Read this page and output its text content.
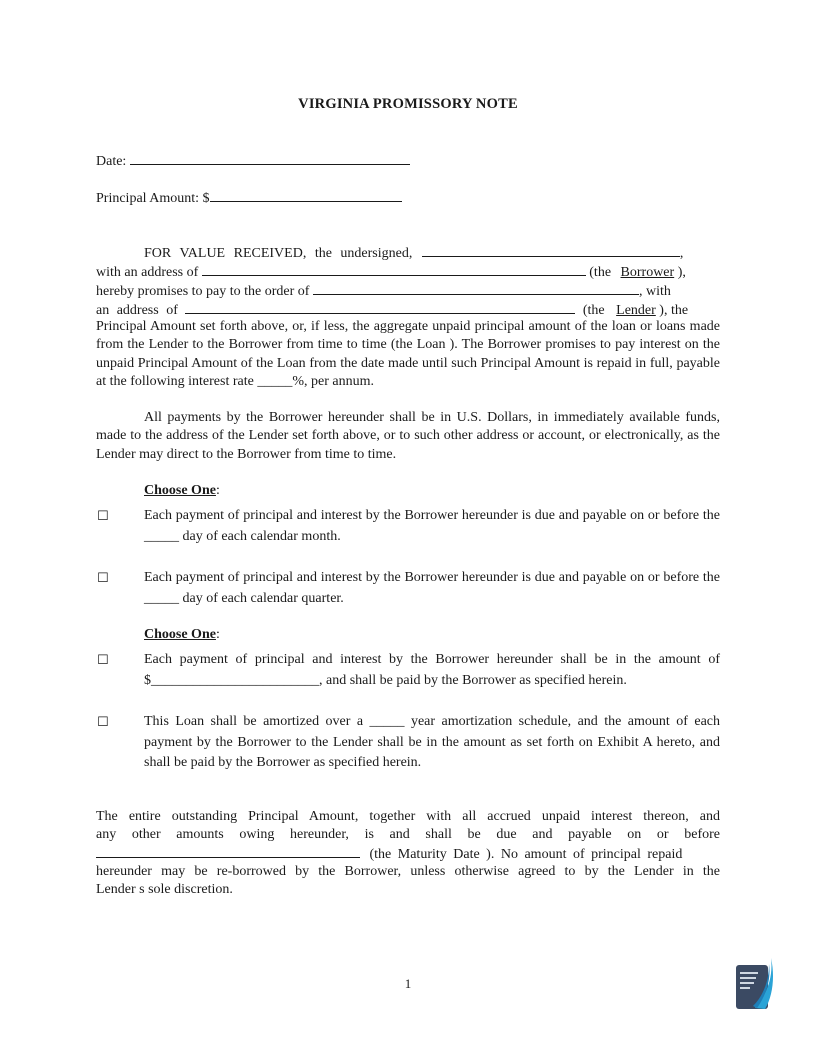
VIRGINIA PROMISSORY NOTE
Date:
Principal Amount: $
FOR VALUE RECEIVED, the undersigned,	,
with an address of	(the Borrower ),
hereby promises to pay to the order of	, with
an address of	(the Lender ), the
Principal Amount set forth above, or, if less, the aggregate unpaid principal amount of the loan or loans made from the Lender to the Borrower from time to time (the Loan ). The Borrower promises to pay interest on the unpaid Principal Amount of the Loan from the date made until such Principal Amount is repaid in full, payable at the following interest rate _____%, per annum.
All payments by the Borrower hereunder shall be in U.S. Dollars, in immediately available funds, made to the address of the Lender set forth above, or to such other address or account, or electronically, as the Lender may direct to the Borrower from time to time.
Choose One:
☐	Each payment of principal and interest by the Borrower hereunder is due and payable on or before the _____ day of each calendar month.
☐	Each payment of principal and interest by the Borrower hereunder is due and payable on or before the _____ day of each calendar quarter.
Choose One:
☐	Each payment of principal and interest by the Borrower hereunder shall be in the amount of $________________________, and shall be paid by the Borrower as specified herein.
☐	This Loan shall be amortized over a _____ year amortization schedule, and the amount of each payment by the Borrower to the Lender shall be in the amount as set forth on Exhibit A hereto, and shall be paid by the Borrower as specified herein.
The entire outstanding Principal Amount, together with all accrued unpaid interest thereon, and
any other amounts owing hereunder, is and shall be due and payable on or before
(the Maturity Date ). No amount of principal repaid
hereunder may be re-borrowed by the Borrower, unless otherwise agreed to by the Lender in the
Lender s sole discretion.
1
